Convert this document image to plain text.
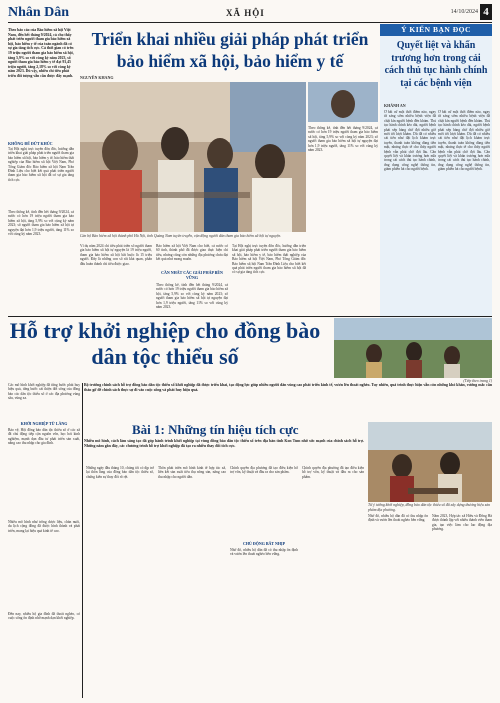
Nhân Dân	XÃ HỘI	14/10/2024 4
Theo báo cáo của Bảo hiểm xã hội Việt Nam, đến hết tháng 9/2024, cả cho thấy phát triển người tham gia bảo hiểm xã hội, bảo hiểm y tế của toàn ngành đã có sự gia tăng tích cực. Cả thời gian có trên 19 triệu người tham gia bảo hiểm xã hội, tăng 5,9% so với cùng kỳ năm 2023, số người tham gia bảo hiểm y tế đạt 93,45 triệu người, tăng 2,18% so với cùng kỳ năm 2023. Dù vậy, nhiều chỉ tiêu phát triển đối tượng vẫn cần được đẩy mạnh.
KHÔNG ĐỂ ĐỨT KHÚC
Tại Hội nghị trực tuyến đôn đốc, hướng dẫn triển khai giải pháp phát triển người tham gia bảo hiểm xã hội, bảo hiểm y tế, bảo hiểm thất nghiệp của Bảo hiểm xã hội Việt Nam, Phó Tổng Giám đốc Bảo hiểm xã hội Nam Trần Đình Liệu cho biết kết quả phát triển người tham gia bảo hiểm xã hội đã có sự gia tăng tích cực.
Theo thống kê, tính đến hết tháng 9/2024, cả nước có hơn 19 triệu người tham gia bảo hiểm xã hội, tăng 5,9% so với cùng kỳ năm 2023; số người tham gia bảo hiểm xã hội tự nguyện đạt hơn 1,9 triệu người, tăng 11% so với cùng kỳ năm 2023.
Triển khai nhiều giải pháp phát triển bảo hiểm xã hội, bảo hiểm y tế
NGUYÊN KHANG
Cán bộ Bảo hiểm xã hội thành phố Hà Nội, tỉnh Quảng Nam tuyên truyền, vận động người dân tham gia bảo hiểm xã hội tự nguyện.
Ví dụ năm 2024 chỉ tiêu phát triển số người tham gia bảo hiểm xã hội tự nguyện là 19 triệu người, tham gia bảo hiểm xã hội bắt buộc là 15 triệu người. Đây là những con số rất khả quan, phấn đấu hoàn thành chỉ tiêu được giao.
Bảo hiểm xã hội Việt Nam cho biết, cả nước có 60 tỉnh, thành phố đã được giao thực hiện chỉ tiêu, nhưng cũng còn những địa phương chưa đạt kết quả như mong muốn.
CẦN NHẤT CÁC GIẢI PHÁP BỀN VỮNG
Theo thống kê, tính đến hết tháng 9/2024, cả nước có hơn 19 triệu người tham gia bảo hiểm xã hội, tăng 5,9% so với cùng kỳ năm 2023; số người tham gia bảo hiểm xã hội tự nguyện đạt hơn 1,9 triệu người, tăng 11% so với cùng kỳ năm 2023.
Tại Hội nghị trực tuyến đôn đốc, hướng dẫn triển khai giải pháp phát triển người tham gia bảo hiểm xã hội, bảo hiểm y tế, bảo hiểm thất nghiệp của Bảo hiểm xã hội Việt Nam, Phó Tổng Giám đốc Bảo hiểm xã hội Nam Trần Đình Liệu cho biết kết quả phát triển người tham gia bảo hiểm xã hội đã có sự gia tăng tích cực.
Theo thống kê, tính đến hết tháng 9/2024, cả nước có hơn 19 triệu người tham gia bảo hiểm xã hội, tăng 5,9% so với cùng kỳ năm 2023; số người tham gia bảo hiểm xã hội tự nguyện đạt hơn 1,9 triệu người, tăng 11% so với cùng kỳ năm 2023.
Ý KIẾN BẠN ĐỌC
Quyết liệt và khẩn trương hơn trong cải cách thủ tục hành chính tại các bệnh viện
KHÁNH AN
Ở bất cứ một thời điểm nào, ngay từ sáng sớm nhiều bệnh viện đã chật kín người bệnh đến khám. Thủ tục hành chính kéo dài, người bệnh phải xếp hàng chờ đợi nhiều giờ mới tới lượt khám. Dù đã có nhiều cải tiến như đặt lịch khám trực tuyến, thanh toán không dùng tiền mặt, nhưng thực tế cho thấy người bệnh vẫn phải chờ đợi lâu. Cần quyết liệt và khẩn trương hơn nữa trong cải cách thủ tục hành chính, ứng dụng công nghệ thông tin, giảm phiền hà cho người bệnh.
Ở bất cứ một thời điểm nào, ngay từ sáng sớm nhiều bệnh viện đã chật kín người bệnh đến khám. Thủ tục hành chính kéo dài, người bệnh phải xếp hàng chờ đợi nhiều giờ mới tới lượt khám. Dù đã có nhiều cải tiến như đặt lịch khám trực tuyến, thanh toán không dùng tiền mặt, nhưng thực tế cho thấy người bệnh vẫn phải chờ đợi lâu. Cần quyết liệt và khẩn trương hơn nữa trong cải cách thủ tục hành chính, ứng dụng công nghệ thông tin, giảm phiền hà cho người bệnh.
Hỗ trợ khởi nghiệp cho đồng bào dân tộc thiểu số
(Tiếp theo trang 1)
Bộ trưởng chính sách hỗ trợ đồng bào dân tộc thiểu số khởi nghiệp đã được triển khai, tạo động lực giúp nhiều người dân vùng cao phát triển kinh tế, vươn lên thoát nghèo. Tuy nhiên, quá trình thực hiện vẫn còn những khó khăn, vướng mắc cần tháo gỡ để chính sách thực sự đi vào cuộc sống và phát huy hiệu quả.
Các mô hình khởi nghiệp đã từng bước phát huy hiệu quả, từng bước cải thiện đời sống của đồng bào các dân tộc thiểu số ở các địa phương vùng sâu, vùng xa.
KHỞI NGHIỆP TỪ LÀNG
Bảo vệ, Hội đồng bào dân tộc thiểu số ở các xã đã chủ động tiếp cận nguồn vốn, học hỏi kinh nghiệm, mạnh dạn đầu tư phát triển sản xuất, nâng cao thu nhập cho gia đình.
Nhiều mô hình như trồng dược liệu, chăn nuôi, du lịch cộng đồng đã được hình thành và phát triển, mang lại hiệu quả kinh tế cao.
Đến nay, nhiều hộ gia đình đã thoát nghèo, có cuộc sống ổn định nhờ mạnh dạn khởi nghiệp.
Bài 1: Những tín hiệu tích cực
Nhiều mô hình, cách làm sáng tạo đã góp hành trình khởi nghiệp tại vùng đồng bào dân tộc thiểu số trên địa bàn tỉnh Kon Tum nhờ sức mạnh của chính sách hỗ trợ. Những năm gần đây, các chương trình hỗ trợ khởi nghiệp đã tạo ra nhiều thay đổi tích cực.
Từ ý tưởng khởi nghiệp, đồng bào dân tộc thiểu số đã xây dựng thương hiệu sản phẩm địa phương.
Những ngày đầu tháng 10, chúng tôi có dịp trở lại thôn làng của đồng bào dân tộc thiểu số, chứng kiến sự thay đổi rõ rệt.
Thôn phát triển mô hình kinh tế hợp tác xã, liên kết sản xuất tiêu thụ nông sản, nâng cao thu nhập cho người dân.
Chính quyền địa phương đã tạo điều kiện hỗ trợ vốn, kỹ thuật và đầu ra cho sản phẩm.
CHỦ ĐỘNG BẮT NHỊP
Nhờ đó, nhiều hộ dân đã có thu nhập ổn định và vươn lên thoát nghèo bền vững.
Chính quyền địa phương đã tạo điều kiện hỗ trợ vốn, kỹ thuật và đầu ra cho sản phẩm.
Nhờ đó, nhiều hộ dân đã có thu nhập ổn định và vươn lên thoát nghèo bền vững.
Năm 2023, Hợp tác xã Hiếu và Đông Hà được thành lập với nhiều thành viên tham gia, tạo việc làm cho lao động địa phương.
